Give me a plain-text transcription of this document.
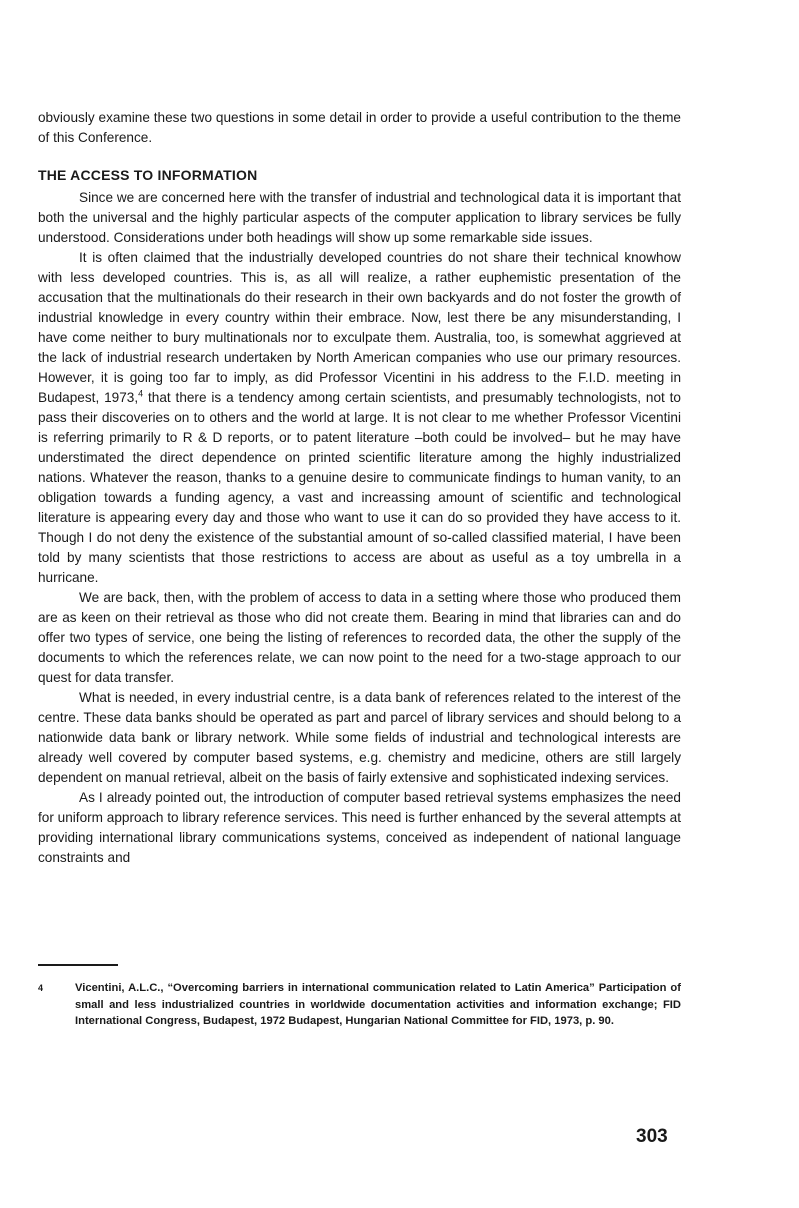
obviously examine these two questions in some detail in order to provide a useful contribution to the theme of this Conference.

THE ACCESS TO INFORMATION

Since we are concerned here with the transfer of industrial and technological data it is important that both the universal and the highly particular aspects of the computer application to library services be fully understood. Considerations under both headings will show up some remarkable side issues.

It is often claimed that the industrially developed countries do not share their technical knowhow with less developed countries. This is, as all will realize, a rather euphemistic presentation of the accusation that the multinationals do their research in their own backyards and do not foster the growth of industrial knowledge in every country within their embrace. Now, lest there be any misunderstanding, I have come neither to bury multinationals nor to exculpate them. Australia, too, is somewhat aggrieved at the lack of industrial research undertaken by North American companies who use our primary resources. However, it is going too far to imply, as did Professor Vicentini in his address to the F.I.D. meeting in Budapest, 1973,$^4$ that there is a tendency among certain scientists, and presumably technologists, not to pass their discoveries on to others and the world at large. It is not clear to me whether Professor Vicentini is referring primarily to R & D reports, or to patent literature –both could be involved– but he may have understimated the direct dependence on printed scientific literature among the highly industrialized nations. Whatever the reason, thanks to a genuine desire to communicate findings to human vanity, to an obligation towards a funding agency, a vast and increassing amount of scientific and technological literature is appearing every day and those who want to use it can do so provided they have access to it. Though I do not deny the existence of the substantial amount of so-called classified material, I have been told by many scientists that those restrictions to access are about as useful as a toy umbrella in a hurricane.

We are back, then, with the problem of access to data in a setting where those who produced them are as keen on their retrieval as those who did not create them. Bearing in mind that libraries can and do offer two types of service, one being the listing of references to recorded data, the other the supply of the documents to which the references relate, we can now point to the need for a two-stage approach to our quest for data transfer.

What is needed, in every industrial centre, is a data bank of references related to the interest of the centre. These data banks should be operated as part and parcel of library services and should belong to a nationwide data bank or library network. While some fields of industrial and technological interests are already well covered by computer based systems, e.g. chemistry and medicine, others are still largely dependent on manual retrieval, albeit on the basis of fairly extensive and sophisticated indexing services.

As I already pointed out, the introduction of computer based retrieval systems emphasizes the need for uniform approach to library reference services. This need is further enhanced by the several attempts at providing international library communications systems, conceived as independent of national language constraints and

4	Vicentini, A.L.C., “Overcoming barriers in international communication related to Latin America” Participation of small and less industrialized countries in worldwide documentation activities and information exchange; FID International Congress, Budapest, 1972 Budapest, Hungarian National Committee for FID, 1973, p. 90.
303
